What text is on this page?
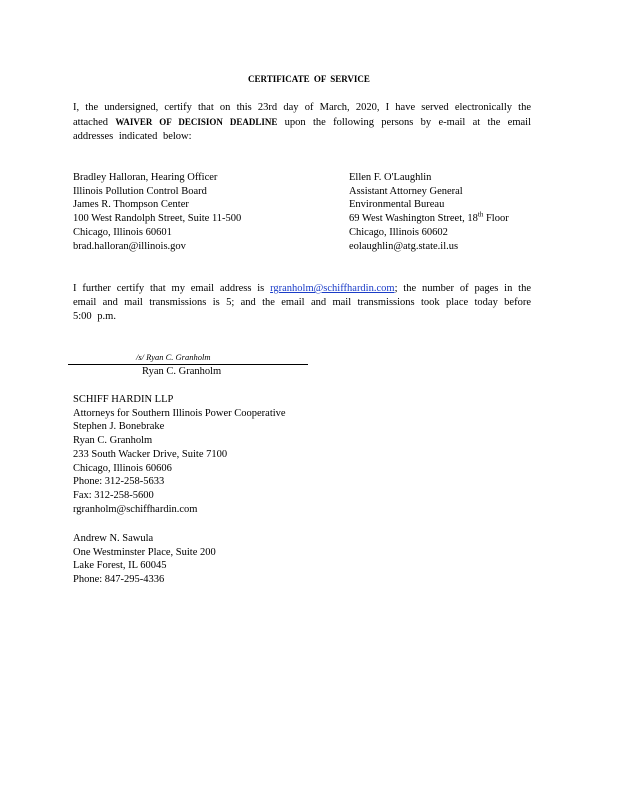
CERTIFICATE OF SERVICE

I, the undersigned, certify that on this 23rd day of March, 2020, I have served electronically the attached WAIVER OF DECISION DEADLINE upon the following persons by e-mail at the email addresses indicated below:

Bradley Halloran, Hearing Officer
Illinois Pollution Control Board
James R. Thompson Center
100 West Randolph Street, Suite 11-500
Chicago, Illinois 60601
brad.halloran@illinois.gov
Ellen F. O'Laughlin
Assistant Attorney General
Environmental Bureau
69 West Washington Street, 18th Floor
Chicago, Illinois 60602
eolaughlin@atg.state.il.us

I further certify that my email address is rgranholm@schiffhardin.com; the number of pages in the email and mail transmissions is 5; and the email and mail transmissions took place today before 5:00 p.m.

/s/ Ryan C. Granholm
Ryan C. Granholm
SCHIFF HARDIN LLP
Attorneys for Southern Illinois Power Cooperative
Stephen J. Bonebrake
Ryan C. Granholm
233 South Wacker Drive, Suite 7100
Chicago, Illinois 60606
Phone: 312-258-5633
Fax: 312-258-5600
rgranholm@schiffhardin.com
Andrew N. Sawula
One Westminster Place, Suite 200
Lake Forest, IL 60045
Phone: 847-295-4336
